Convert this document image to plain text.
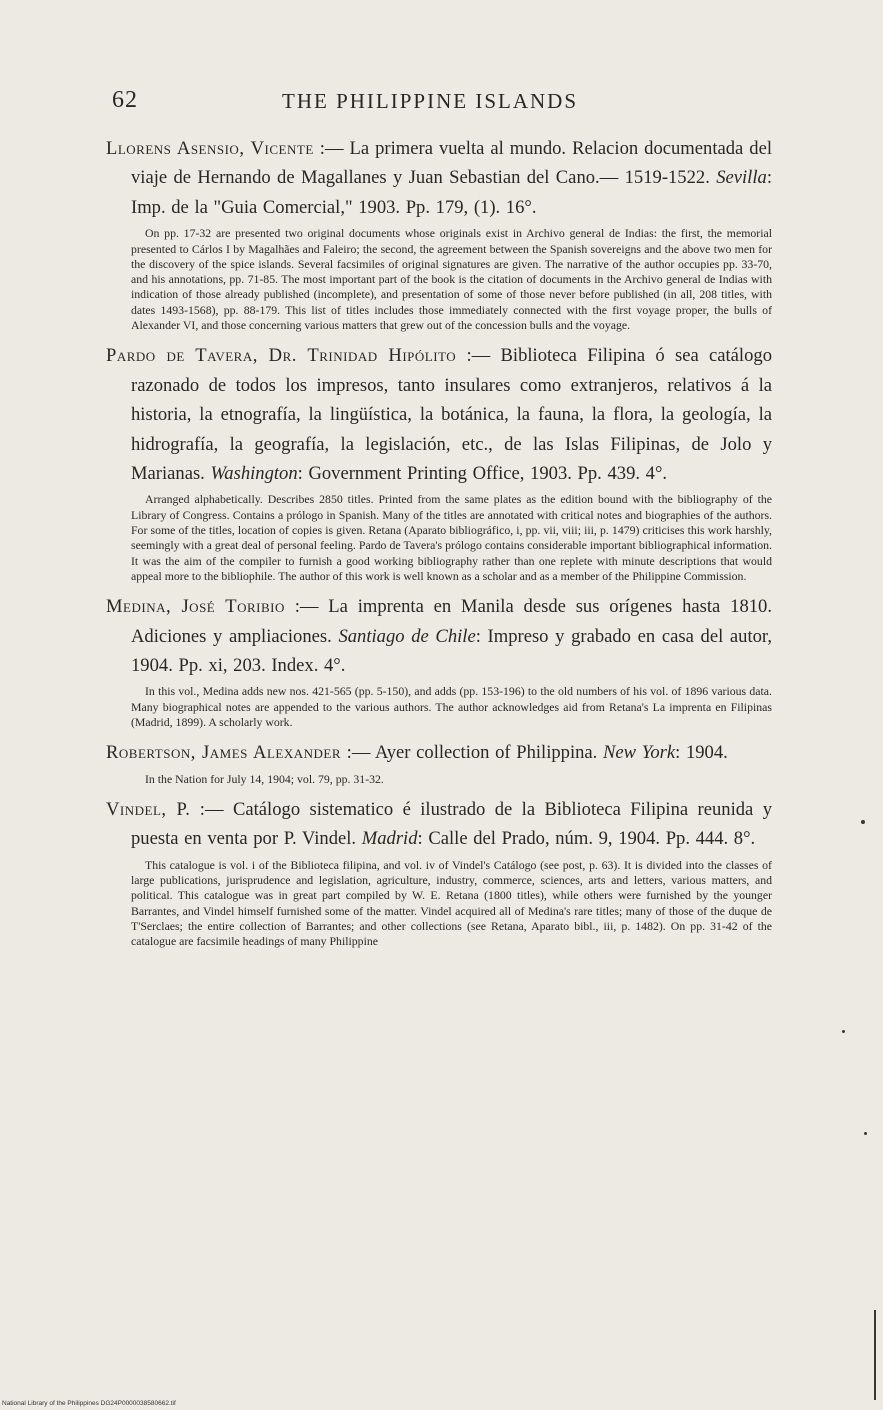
62	THE PHILIPPINE ISLANDS

Llorens Asensio, Vicente :— La primera vuelta al mundo. Relacion documentada del viaje de Hernando de Magallanes y Juan Sebastian del Cano.— 1519-1522. Sevilla: Imp. de la "Guia Comercial," 1903. Pp. 179, (1). 16°.

On pp. 17-32 are presented two original documents whose originals exist in Archivo general de Indias: the first, the memorial presented to Cárlos I by Magalhães and Faleiro; the second, the agreement between the Spanish sovereigns and the above two men for the discovery of the spice islands. Several facsimiles of original signatures are given. The narrative of the author occupies pp. 33-70, and his annotations, pp. 71-85. The most important part of the book is the citation of documents in the Archivo general de Indias with indication of those already published (incomplete), and presentation of some of those never before published (in all, 208 titles, with dates 1493-1568), pp. 88-179. This list of titles includes those immediately connected with the first voyage proper, the bulls of Alexander VI, and those concerning various matters that grew out of the concession bulls and the voyage.

Pardo de Tavera, Dr. Trinidad Hipólito :— Biblioteca Filipina ó sea catálogo razonado de todos los impresos, tanto insulares como extranjeros, relativos á la historia, la etnografía, la lingüística, la botánica, la fauna, la flora, la geología, la hidrografía, la geografía, la legislación, etc., de las Islas Filipinas, de Jolo y Marianas. Washington: Government Printing Office, 1903. Pp. 439. 4°.

Arranged alphabetically. Describes 2850 titles. Printed from the same plates as the edition bound with the bibliography of the Library of Congress. Contains a prólogo in Spanish. Many of the titles are annotated with critical notes and biographies of the authors. For some of the titles, location of copies is given. Retana (Aparato bibliográfico, i, pp. vii, viii; iii, p. 1479) criticises this work harshly, seemingly with a great deal of personal feeling. Pardo de Tavera's prólogo contains considerable important bibliographical information. It was the aim of the compiler to furnish a good working bibliography rather than one replete with minute descriptions that would appeal more to the bibliophile. The author of this work is well known as a scholar and as a member of the Philippine Commission.

Medina, José Toribio :— La imprenta en Manila desde sus orígenes hasta 1810. Adiciones y ampliaciones. Santiago de Chile: Impreso y grabado en casa del autor, 1904. Pp. xi, 203. Index. 4°.

In this vol., Medina adds new nos. 421-565 (pp. 5-150), and adds (pp. 153-196) to the old numbers of his vol. of 1896 various data. Many biographical notes are appended to the various authors. The author acknowledges aid from Retana's La imprenta en Filipinas (Madrid, 1899). A scholarly work.

Robertson, James Alexander :— Ayer collection of Philippina. New York: 1904.

In the Nation for July 14, 1904; vol. 79, pp. 31-32.

Vindel, P. :— Catálogo sistematico é ilustrado de la Biblioteca Filipina reunida y puesta en venta por P. Vindel. Madrid: Calle del Prado, núm. 9, 1904. Pp. 444. 8°.

This catalogue is vol. i of the Biblioteca filipina, and vol. iv of Vindel's Catálogo (see post, p. 63). It is divided into the classes of large publications, jurisprudence and legislation, agriculture, industry, commerce, sciences, arts and letters, various matters, and political. This catalogue was in great part compiled by W. E. Retana (1800 titles), while others were furnished by the younger Barrantes, and Vindel himself furnished some of the matter. Vindel acquired all of Medina's rare titles; many of those of the duque de T'Serclaes; the entire collection of Barrantes; and other collections (see Retana, Aparato bibl., iii, p. 1482). On pp. 31-42 of the catalogue are facsimile headings of many Philippine

National Library of the Philippines DG24P0000038580662.tif
